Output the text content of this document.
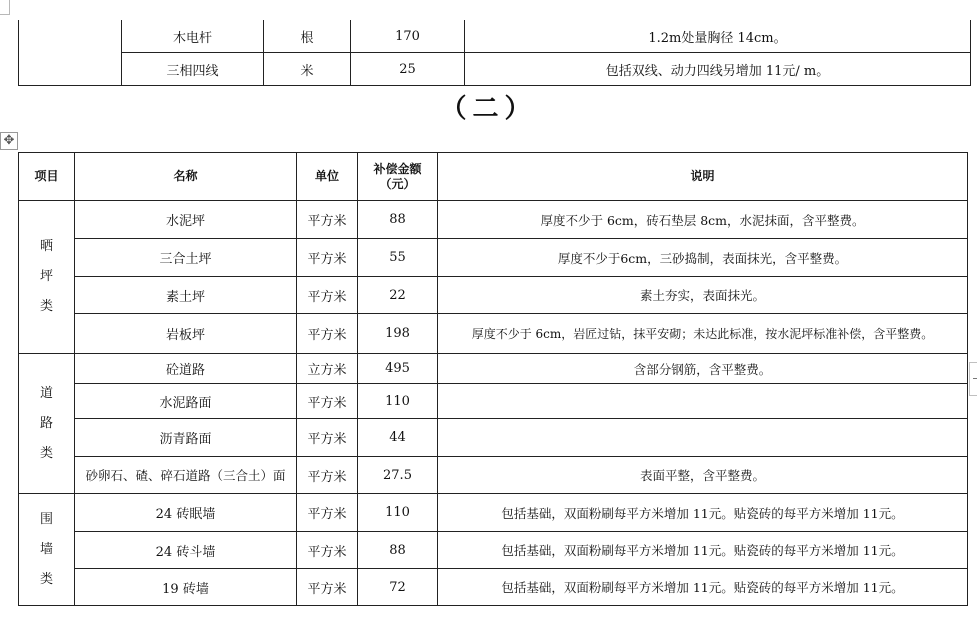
	木电杆	根	170	1.2m处量胸径 14cm。
	三相四线	米	25	包括双线、动力四线另增加 11元/ m。
（二）
✥
项目	名称	单位	补偿金额（元）	说明

晒
坪
类	水泥坪	平方米	88	厚度不少于 6cm，砖石垫层 8cm，水泥抹面，含平整费。
	三合土坪	平方米	55	厚度不少于6cm，三砂捣制，表面抹光，含平整费。
	素土坪	平方米	22	素土夯实，表面抹光。
	岩板坪	平方米	198	厚度不少于 6cm，岩匠过钻，抹平安砌；未达此标准，按水泥坪标准补偿，含平整费。

道
路
类	砼道路	立方米	495	含部分钢筋，含平整费。
	水泥路面	平方米	110	
	沥青路面	平方米	44	
	砂卵石、碴、碎石道路（三合土）面	平方米	27.5	表面平整，含平整费。

围
墙
类	24 砖眠墙	平方米	110	包括基础，双面粉刷每平方米增加 11元。贴瓷砖的每平方米增加 11元。
	24 砖斗墙	平方米	88	包括基础，双面粉刷每平方米增加 11元。贴瓷砖的每平方米增加 11元。
	19 砖墙	平方米	72	包括基础，双面粉刷每平方米增加 11元。贴瓷砖的每平方米增加 11元。
